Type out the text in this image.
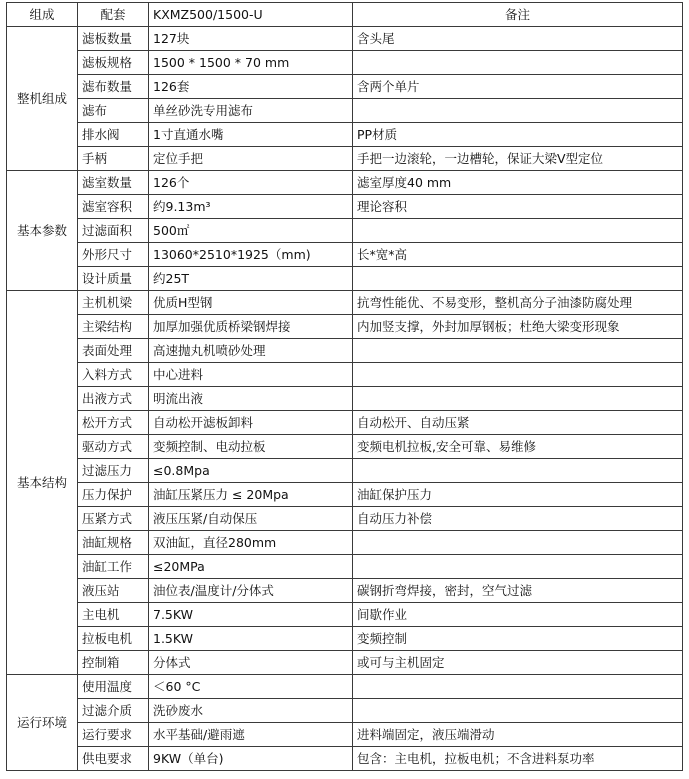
组成	配套	KXMZ500/1500-U	备注
整机组成	滤板数量	127块	含头尾
	滤板规格	1500 * 1500 * 70 mm	
	滤布数量	126套	含两个单片
	滤布	单丝砂洗专用滤布	
	排水阀	1寸直通水嘴	PP材质
	手柄	定位手把	手把一边滚轮，一边槽轮，保证大梁V型定位
基本参数	滤室数量	126个	滤室厚度40 mm
	滤室容积	约9.13m³	理论容积
	过滤面积	500㎡	
	外形尺寸	13060*2510*1925（mm)	长*宽*高
	设计质量	约25T	
基本结构	主机机梁	优质H型钢	抗弯性能优、不易变形，整机高分子油漆防腐处理
	主梁结构	加厚加强优质桥梁钢焊接	内加竖支撑，外封加厚钢板；杜绝大梁变形现象
	表面处理	高速抛丸机喷砂处理	
	入料方式	中心进料	
	出液方式	明流出液	
	松开方式	自动松开滤板卸料	自动松开、自动压紧
	驱动方式	变频控制、电动拉板	变频电机拉板,安全可靠、易维修
	过滤压力	≤0.8Mpa	
	压力保护	油缸压紧压力 ≤ 20Mpa	油缸保护压力
	压紧方式	液压压紧/自动保压	自动压力补偿
	油缸规格	双油缸，直径280mm	
	油缸工作	≤20MPa	
	液压站	油位表/温度计/分体式	碳钢折弯焊接，密封，空气过滤
	主电机	7.5KW	间歇作业
	拉板电机	1.5KW	变频控制
	控制箱	分体式	或可与主机固定
运行环境	使用温度	＜60 °C	
	过滤介质	洗砂废水	
	运行要求	水平基础/避雨遮	进料端固定，液压端滑动
	供电要求	9KW（单台)	包含：主电机，拉板电机；不含进料泵功率
